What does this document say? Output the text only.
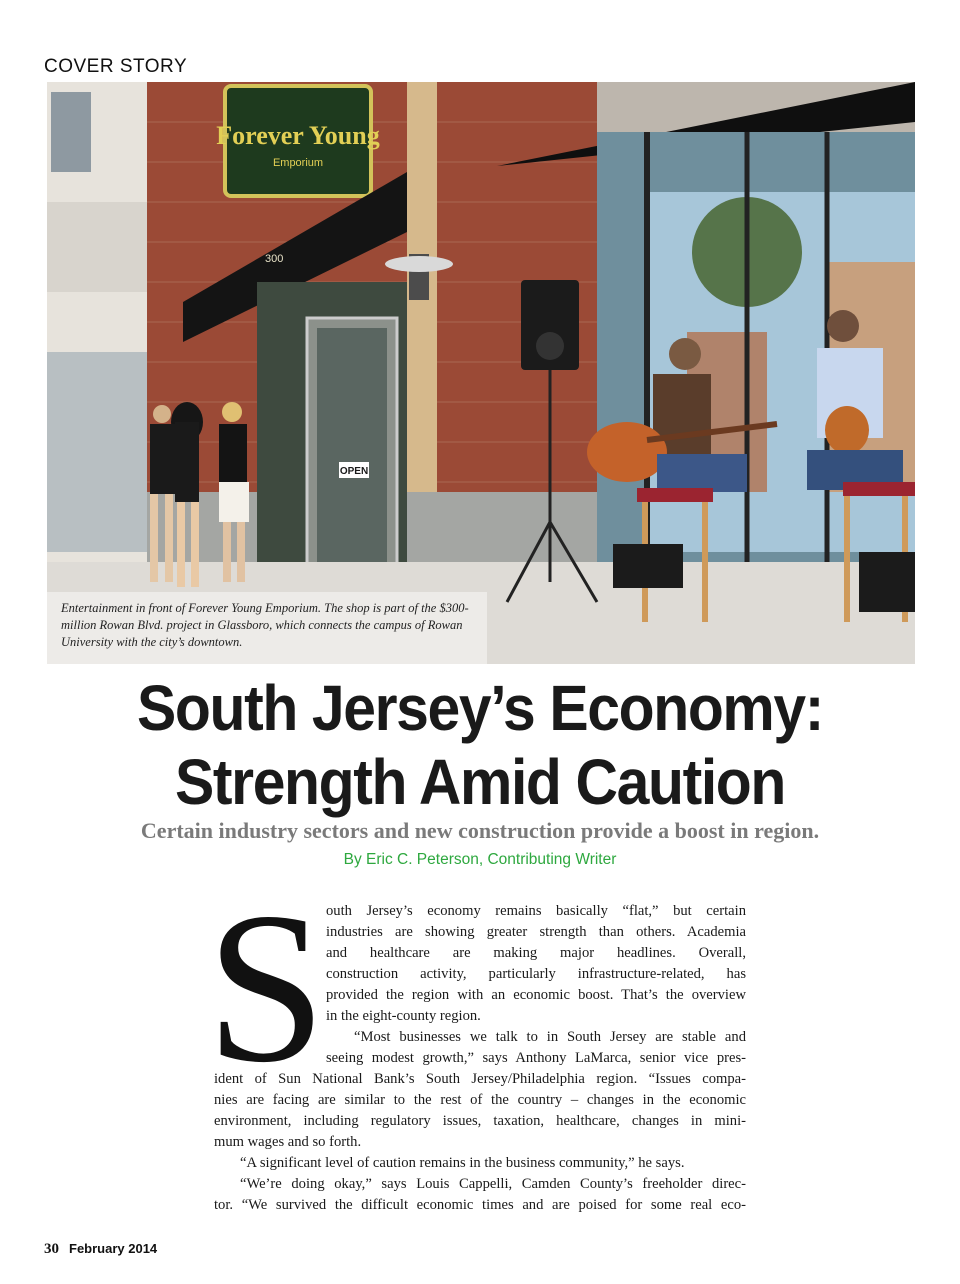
COVER STORY
Forever Young
Emporium
300
OPEN
Entertainment in front of Forever Young Emporium. The shop is part of the $300-million Rowan Blvd. project in Glassboro, which connects the campus of Rowan University with the city’s downtown.
South Jersey’s Economy:
Strength Amid Caution
Certain industry sectors and new construction provide a boost in region.
By Eric C. Peterson, Contributing Writer
S outh Jersey’s economy remains basically “flat,” but certain
industries are showing greater strength than others. Academia
and healthcare are making major headlines. Overall,
construction activity, particularly infrastructure-related, has
provided the region with an economic boost. That’s the overview
in the eight-county region.
“Most businesses we talk to in South Jersey are stable and
seeing modest growth,” says Anthony LaMarca, senior vice pres-
ident of Sun National Bank’s South Jersey/Philadelphia region. “Issues compa-
nies are facing are similar to the rest of the country – changes in the economic
environment, including regulatory issues, taxation, healthcare, changes in mini-
mum wages and so forth.
“A significant level of caution remains in the business community,” he says.
“We’re doing okay,” says Louis Cappelli, Camden County’s freeholder direc-
tor. “We survived the difficult economic times and are poised for some real eco-
30 February 2014
